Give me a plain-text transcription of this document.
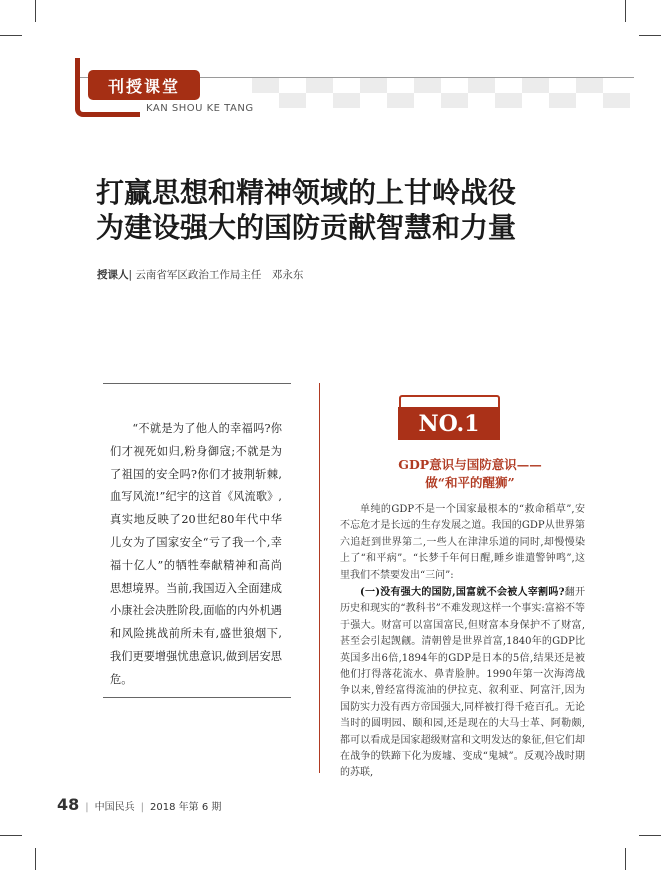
刊授课堂
KAN SHOU KE TANG
打赢思想和精神领域的上甘岭战役
为建设强大的国防贡献智慧和力量
授课人| 云南省军区政治工作局主任　邓永东
“不就是为了他人的幸福吗?你们才视死如归,粉身御寇;不就是为了祖国的安全吗?你们才披荆斩棘,血写风流!”纪宇的这首《风流歌》,真实地反映了20世纪80年代中华儿女为了国家安全“亏了我一个,幸福十亿人”的牺牲奉献精神和高尚思想境界。当前,我国迈入全面建成小康社会决胜阶段,面临的内外机遇和风险挑战前所未有,盛世狼烟下,我们更要增强忧患意识,做到居安思危。
NO.1
GDP意识与国防意识——
做“和平的醒狮”
单纯的GDP不是一个国家最根本的“救命稻草”,安不忘危才是长远的生存发展之道。我国的GDP从世界第六追赶到世界第二,一些人在津津乐道的同时,却慢慢染上了“和平病”。“长梦千年何日醒,睡乡谁遣警钟鸣”,这里我们不禁要发出“三问”:
(一)没有强大的国防,国富就不会被人宰割吗?翻开历史和现实的“教科书”不难发现这样一个事实:富裕不等于强大。财富可以富国富民,但财富本身保护不了财富,甚至会引起觊觎。清朝曾是世界首富,1840年的GDP比英国多出6倍,1894年的GDP是日本的5倍,结果还是被他们打得落花流水、鼻青脸肿。1990年第一次海湾战争以来,曾经富得流油的伊拉克、叙利亚、阿富汗,因为国防实力没有西方帝国强大,同样被打得千疮百孔。无论当时的圆明园、颐和园,还是现在的大马士革、阿勒颇,都可以看成是国家超级财富和文明发达的象征,但它们却在战争的铁蹄下化为废墟、变成“鬼城”。反观冷战时期的苏联,
48 | 中国民兵 | 2018 年第 6 期
